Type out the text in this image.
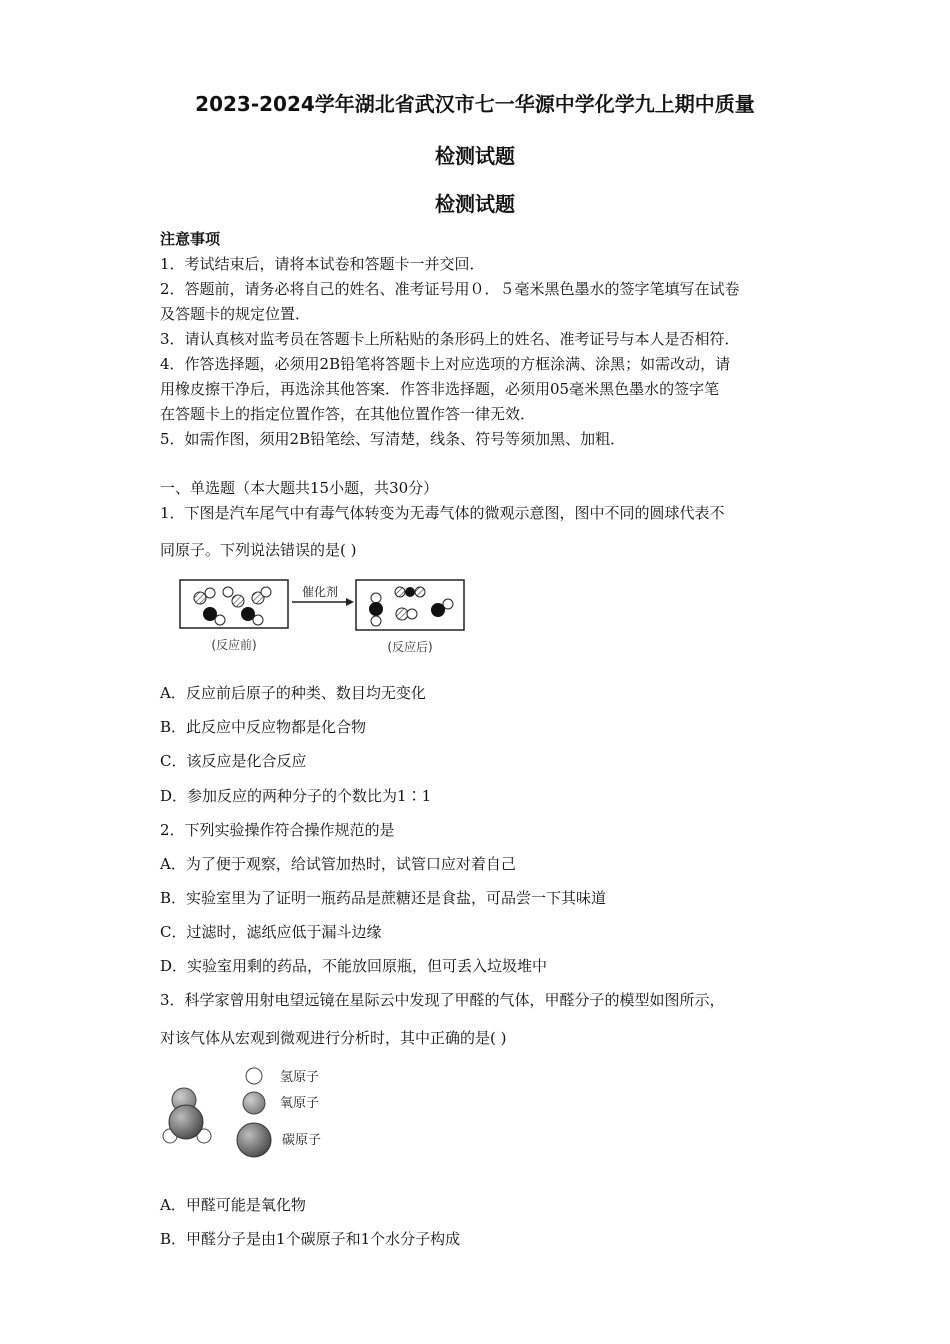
2023-2024学年湖北省武汉市七一华源中学化学九上期中质量
检测试题
检测试题
注意事项
1．考试结束后，请将本试卷和答题卡一并交回．
2．答题前，请务必将自己的姓名、准考证号用０．５毫米黑色墨水的签字笔填写在试卷
及答题卡的规定位置．
3．请认真核对监考员在答题卡上所粘贴的条形码上的姓名、准考证号与本人是否相符．
4．作答选择题，必须用2B铅笔将答题卡上对应选项的方框涂满、涂黑；如需改动，请
用橡皮擦干净后，再选涂其他答案．作答非选择题，必须用05毫米黑色墨水的签字笔
在答题卡上的指定位置作答，在其他位置作答一律无效．
5．如需作图，须用2B铅笔绘、写清楚，线条、符号等须加黑、加粗．
一、单选题（本大题共15小题，共30分）
1．下图是汽车尾气中有毒气体转变为无毒气体的微观示意图，图中不同的圆球代表不
同原子。下列说法错误的是( )
催化剂
(反应前)	(反应后)
A．反应前后原子的种类、数目均无变化
B．此反应中反应物都是化合物
C．该反应是化合反应
D．参加反应的两种分子的个数比为1∶1
2．下列实验操作符合操作规范的是
A．为了便于观察，给试管加热时，试管口应对着自己
B．实验室里为了证明一瓶药品是蔗糖还是食盐，可品尝一下其味道
C．过滤时，滤纸应低于漏斗边缘
D．实验室用剩的药品，不能放回原瓶，但可丢入垃圾堆中
3．科学家曾用射电望远镜在星际云中发现了甲醛的气体，甲醛分子的模型如图所示，
对该气体从宏观到微观进行分析时，其中正确的是( )
氢原子
氧原子
碳原子
A．甲醛可能是氧化物
B．甲醛分子是由1个碳原子和1个水分子构成
